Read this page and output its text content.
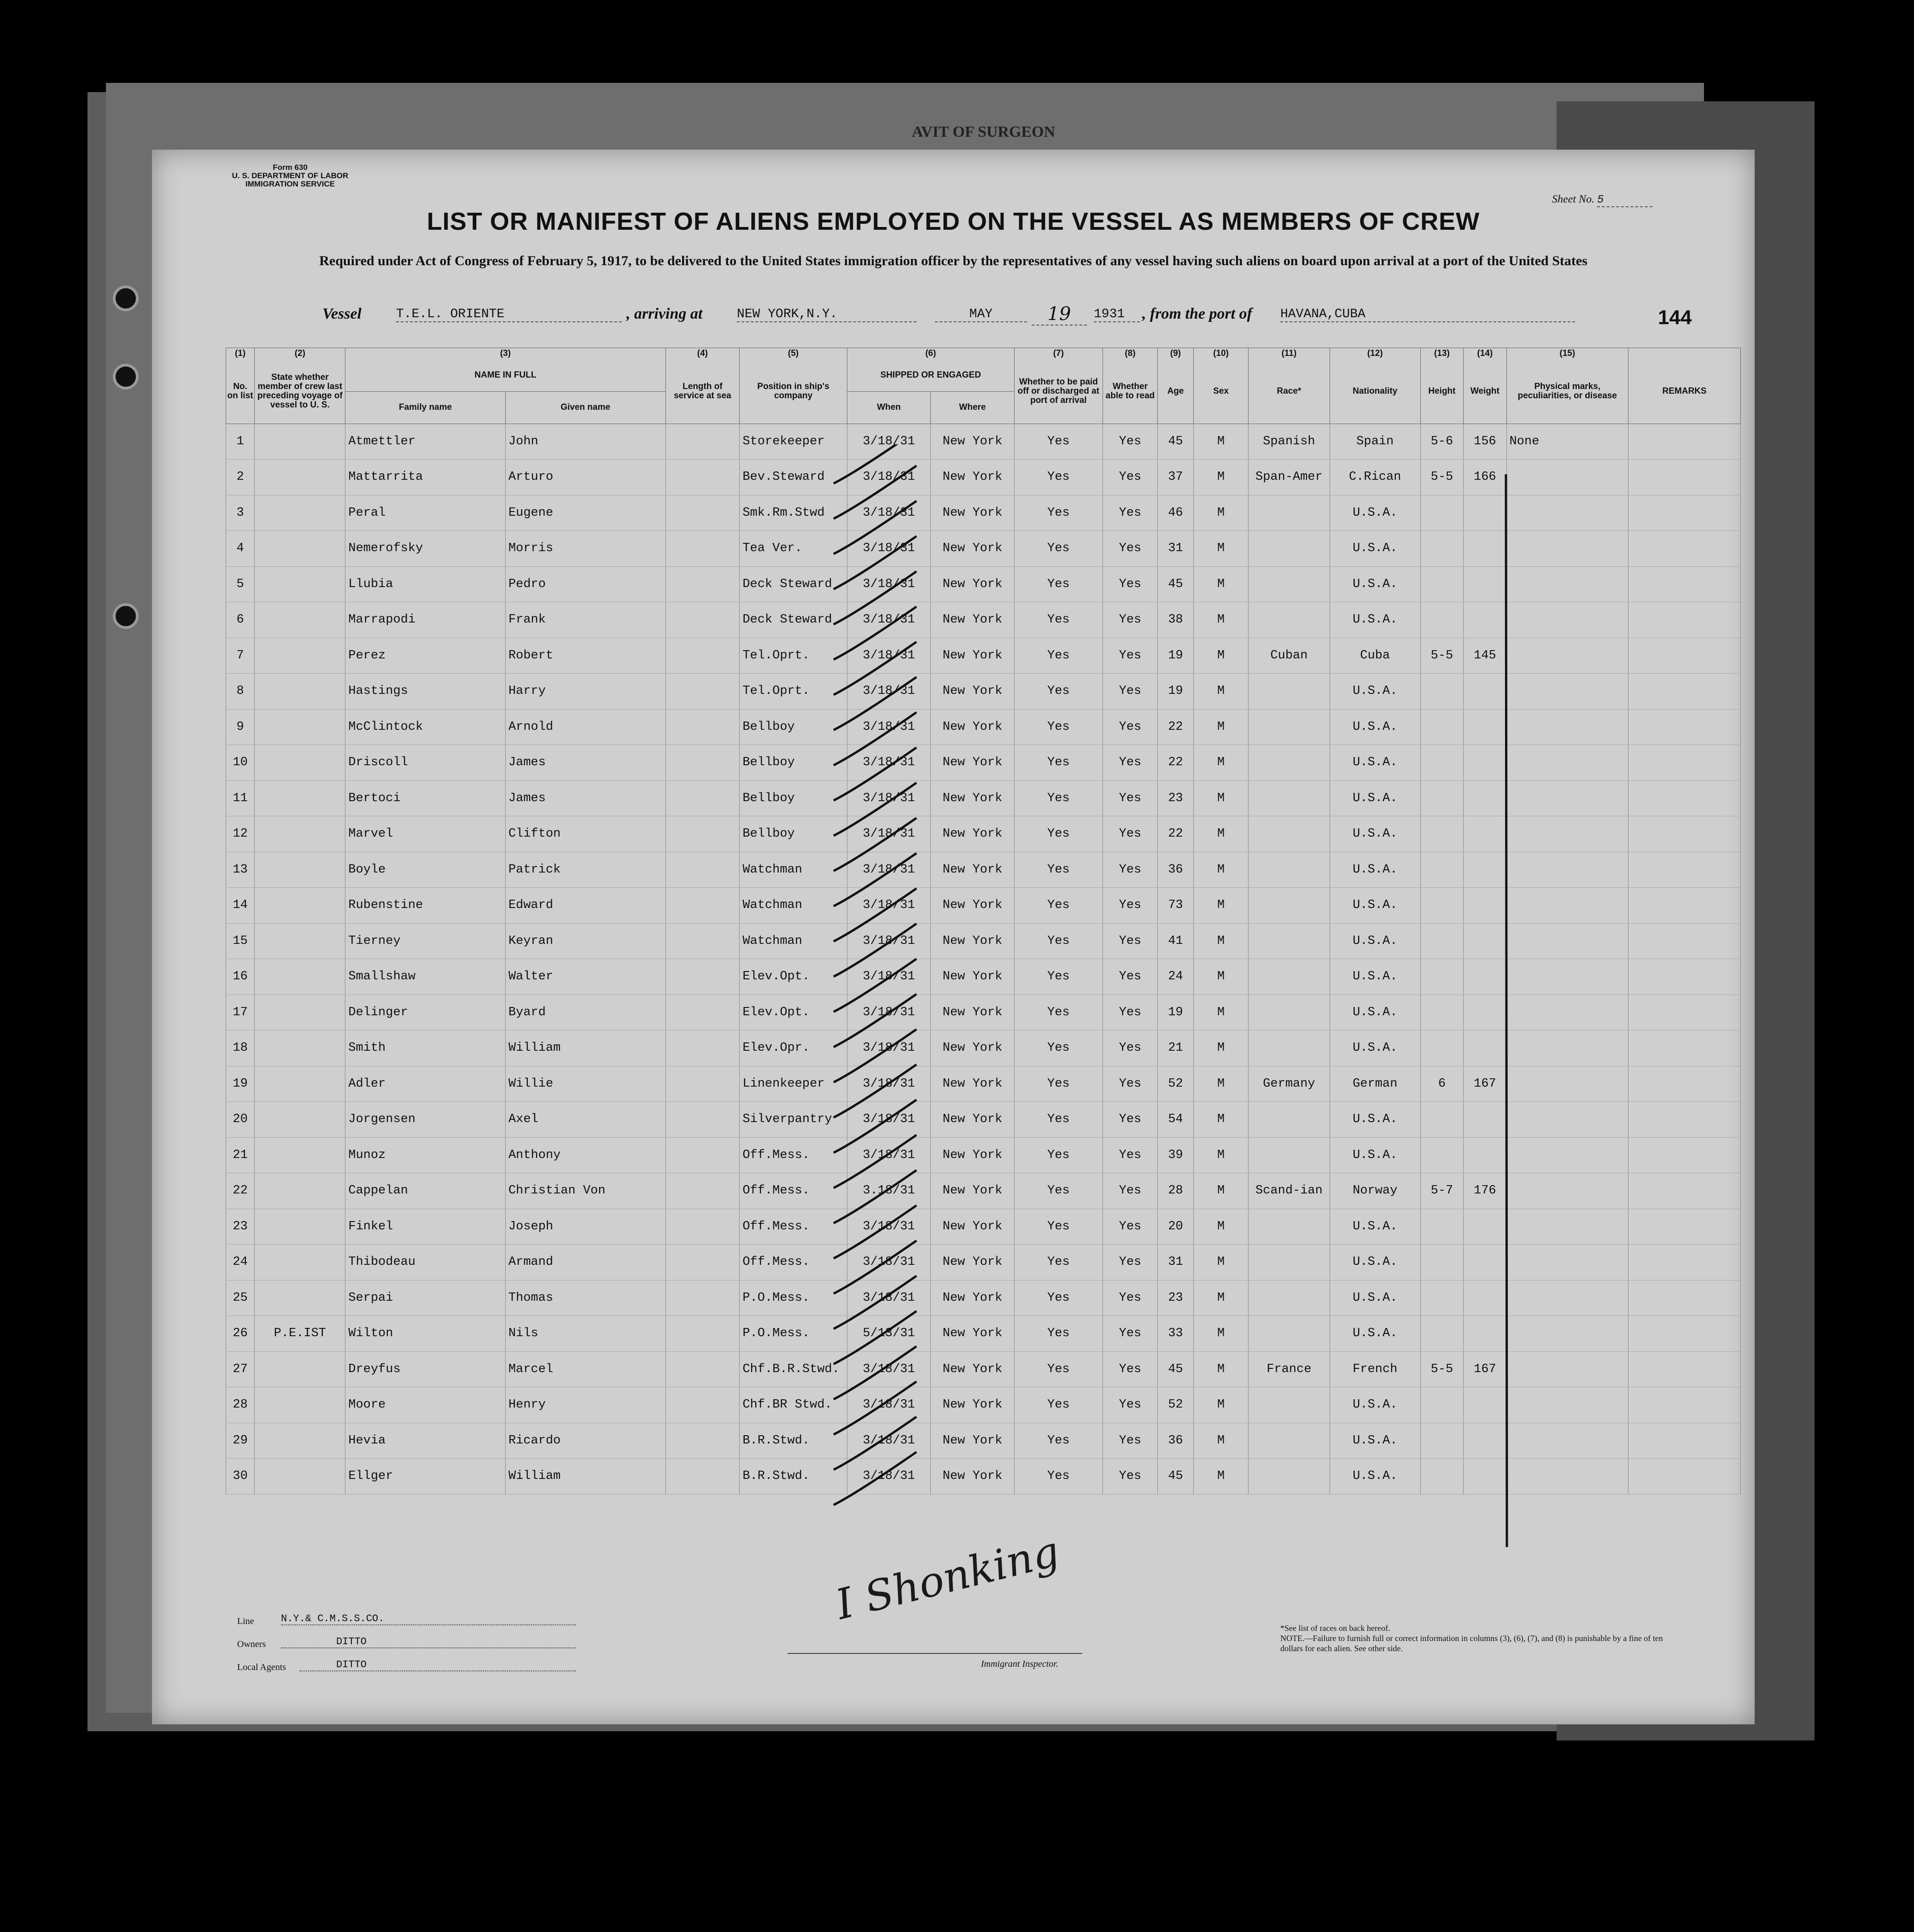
AVIT OF SURGEON
Form 630
U. S. DEPARTMENT OF LABOR
IMMIGRATION SERVICE
Sheet No. 5
LIST OR MANIFEST OF ALIENS EMPLOYED ON THE VESSEL AS MEMBERS OF CREW
Required under Act of Congress of February 5, 1917, to be delivered to the United States immigration officer by the representatives of any vessel having such aliens on board upon arrival at a port of the United States
Vessel	T.E.L. ORIENTE	, arriving at	NEW YORK,N.Y.	MAY	19	1931	, from the port of HAVANA,CUBA	144
(1)	(2)	(3)		(4)	(5)	(6)		(7)	(8)	(9)	(10)	(11)	(12)	(13)	(14)	(15)	
No. on list	State whether member of crew last preceding voyage of vessel to U. S.	NAME IN FULL		Length of service at sea	Position in ship's company	SHIPPED OR ENGAGED		Whether to be paid off or discharged at port of arrival	Whether able to read	Age	Sex	Race*	Nationality	Height	Weight	Physical marks, peculiarities, or disease	REMARKS
		Family name	Given name			When	Where										
1		Atmettler	John		Storekeeper	3/18/31	New York	Yes	Yes	45	M	Spanish	Spain	5-6	156	None	
2		Mattarrita	Arturo		Bev.Steward	3/18/31	New York	Yes	Yes	37	M	Span-Amer	C.Rican	5-5	166		
3		Peral	Eugene		Smk.Rm.Stwd	3/18/31	New York	Yes	Yes	46	M		U.S.A.				
4		Nemerofsky	Morris		Tea Ver.	3/18/31	New York	Yes	Yes	31	M		U.S.A.				
5		Llubia	Pedro		Deck Steward	3/18/31	New York	Yes	Yes	45	M		U.S.A.				
6		Marrapodi	Frank		Deck Steward	3/18/31	New York	Yes	Yes	38	M		U.S.A.				
7		Perez	Robert		Tel.Oprt.	3/18/31	New York	Yes	Yes	19	M	Cuban	Cuba	5-5	145		
8		Hastings	Harry		Tel.Oprt.	3/18/31	New York	Yes	Yes	19	M		U.S.A.				
9		McClintock	Arnold		Bellboy	3/18/31	New York	Yes	Yes	22	M		U.S.A.				
10		Driscoll	James		Bellboy	3/18/31	New York	Yes	Yes	22	M		U.S.A.				
11		Bertoci	James		Bellboy	3/18/31	New York	Yes	Yes	23	M		U.S.A.				
12		Marvel	Clifton		Bellboy	3/18/31	New York	Yes	Yes	22	M		U.S.A.				
13		Boyle	Patrick		Watchman	3/18/31	New York	Yes	Yes	36	M		U.S.A.				
14		Rubenstine	Edward		Watchman	3/18/31	New York	Yes	Yes	73	M		U.S.A.				
15		Tierney	Keyran		Watchman	3/18/31	New York	Yes	Yes	41	M		U.S.A.				
16		Smallshaw	Walter		Elev.Opt.	3/18/31	New York	Yes	Yes	24	M		U.S.A.				
17		Delinger	Byard		Elev.Opt.	3/18/31	New York	Yes	Yes	19	M		U.S.A.				
18		Smith	William		Elev.Opr.	3/18/31	New York	Yes	Yes	21	M		U.S.A.				
19		Adler	Willie		Linenkeeper	3/18/31	New York	Yes	Yes	52	M	Germany	German	6	167		
20		Jorgensen	Axel		Silverpantry	3/18/31	New York	Yes	Yes	54	M		U.S.A.				
21		Munoz	Anthony		Off.Mess.	3/18/31	New York	Yes	Yes	39	M		U.S.A.				
22		Cappelan	Christian Von		Off.Mess.	3.18/31	New York	Yes	Yes	28	M	Scand-ian	Norway	5-7	176		
23		Finkel	Joseph		Off.Mess.	3/18/31	New York	Yes	Yes	20	M		U.S.A.				
24		Thibodeau	Armand		Off.Mess.	3/18/31	New York	Yes	Yes	31	M		U.S.A.				
25		Serpai	Thomas		P.O.Mess.	3/18/31	New York	Yes	Yes	23	M		U.S.A.				
26	P.E.IST	Wilton	Nils		P.O.Mess.	5/13/31	New York	Yes	Yes	33	M		U.S.A.				
27		Dreyfus	Marcel		Chf.B.R.Stwd.	3/18/31	New York	Yes	Yes	45	M	France	French	5-5	167		
28		Moore	Henry		Chf.BR Stwd.	3/18/31	New York	Yes	Yes	52	M		U.S.A.				
29		Hevia	Ricardo		B.R.Stwd.	3/18/31	New York	Yes	Yes	36	M		U.S.A.				
30		Ellger	William		B.R.Stwd.	3/18/31	New York	Yes	Yes	45	M		U.S.A.				
Line	N.Y.& C.M.S.S.CO.
Owners	DITTO
Local Agents	DITTO
I Shonking
Immigrant Inspector.
*See list of races on back hereof.
NOTE.—Failure to furnish full or correct information in columns (3), (6), (7), and (8) is punishable by a fine of ten dollars for each alien. See other side.
